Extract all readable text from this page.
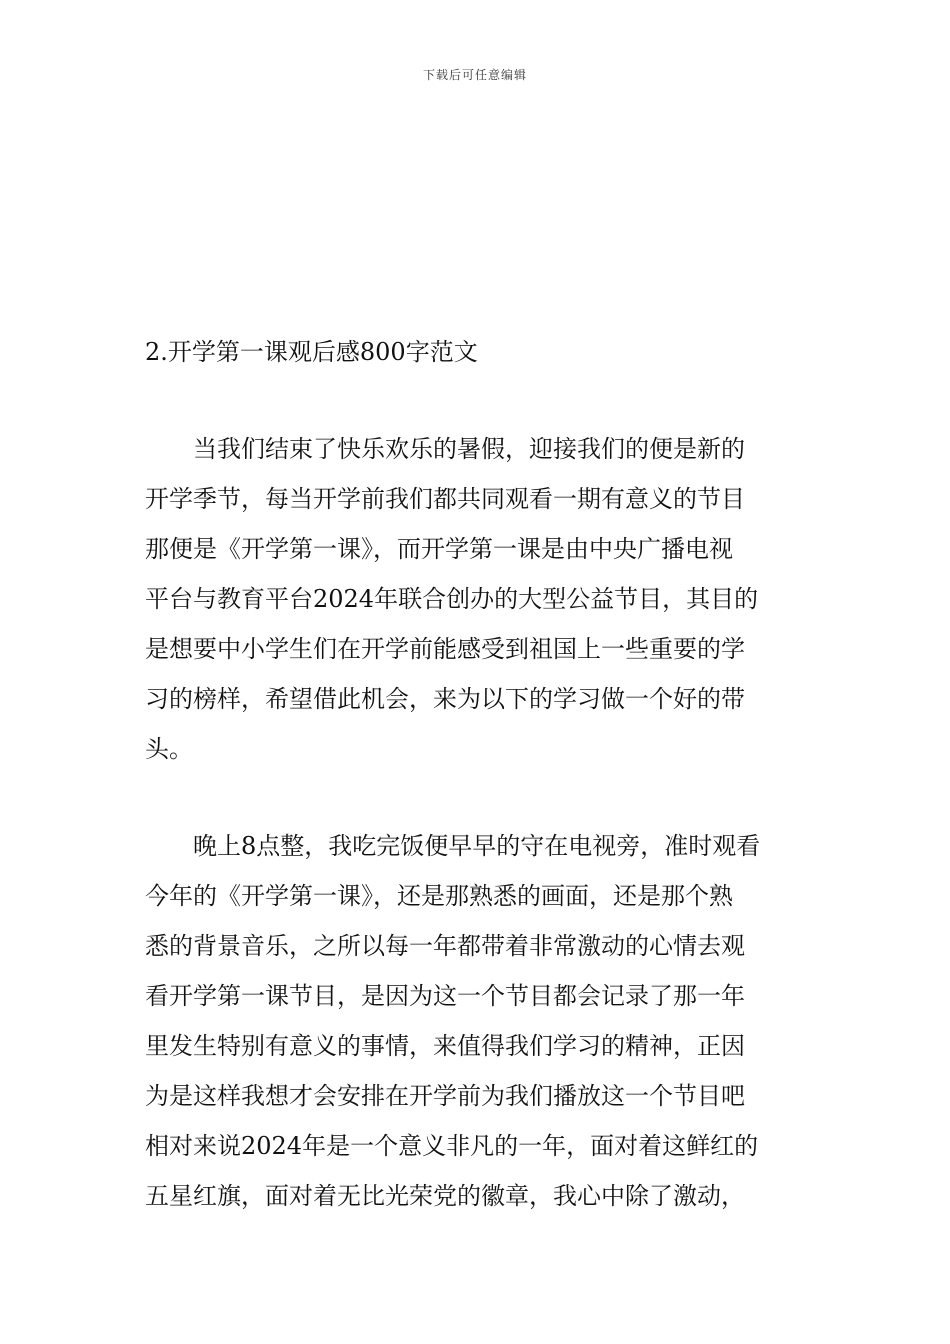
下载后可任意编辑
2.开学第一课观后感800字范文
　　当我们结束了快乐欢乐的暑假，迎接我们的便是新的
开学季节，每当开学前我们都共同观看一期有意义的节目
那便是《开学第一课》，而开学第一课是由中央广播电视
平台与教育平台2024年联合创办的大型公益节目，其目的
是想要中小学生们在开学前能感受到祖国上一些重要的学
习的榜样，希望借此机会，来为以下的学习做一个好的带
头。
　　晚上8点整，我吃完饭便早早的守在电视旁，准时观看
今年的《开学第一课》，还是那熟悉的画面，还是那个熟
悉的背景音乐，之所以每一年都带着非常激动的心情去观
看开学第一课节目，是因为这一个节目都会记录了那一年
里发生特别有意义的事情，来值得我们学习的精神，正因
为是这样我想才会安排在开学前为我们播放这一个节目吧
相对来说2024年是一个意义非凡的一年，面对着这鲜红的
五星红旗，面对着无比光荣党的徽章，我心中除了激动，
